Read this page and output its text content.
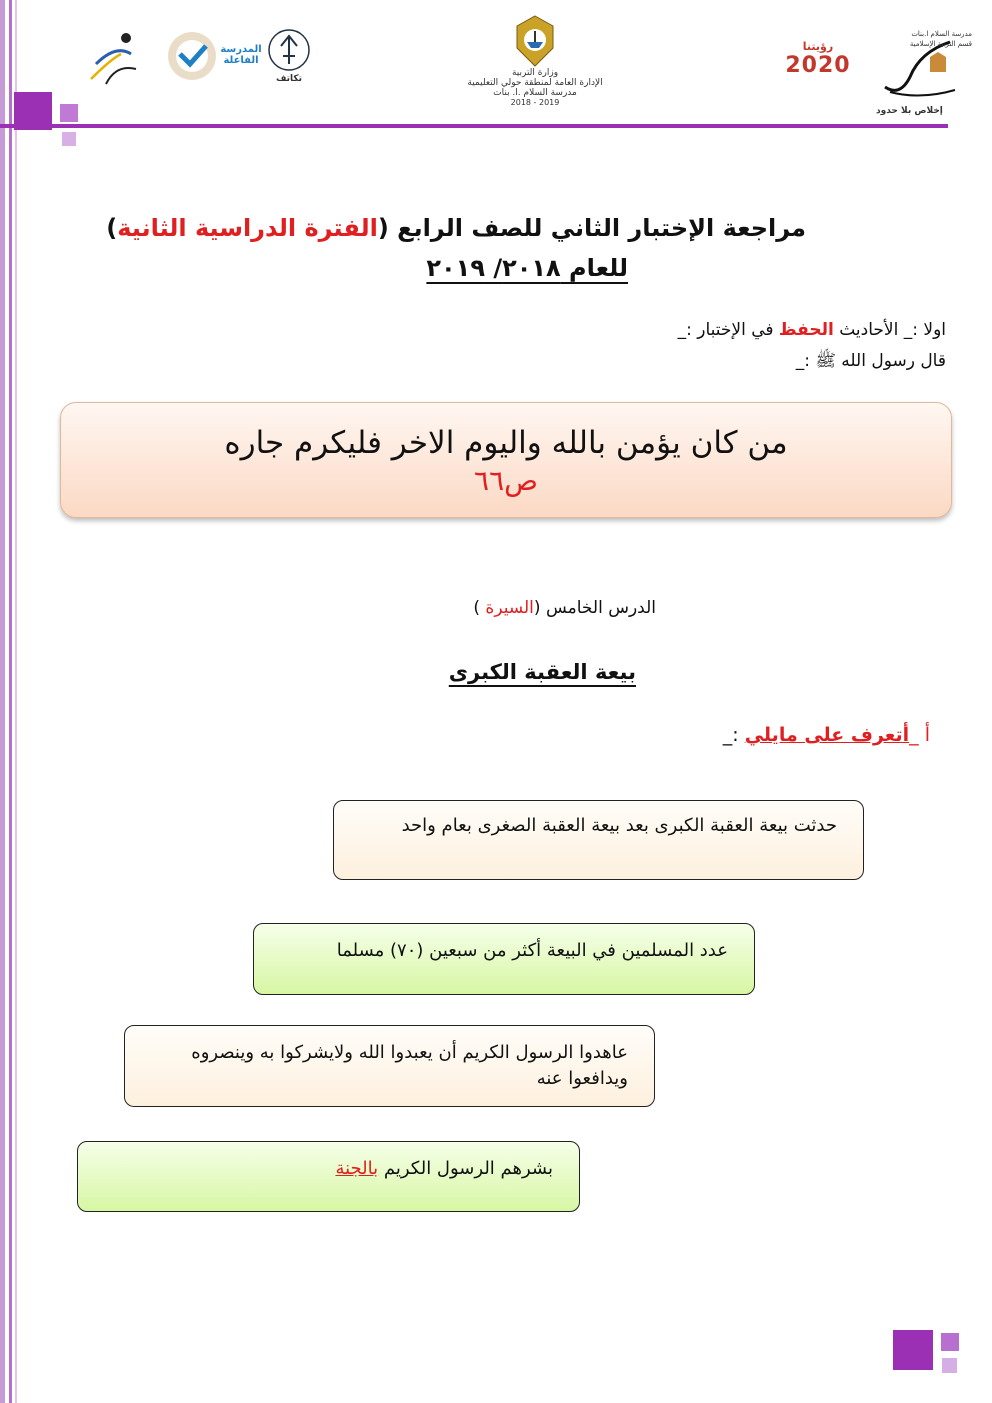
المدرسة الفاعلة
تكاتف
وزارة التربية
الإدارة العامة لمنطقة حولي التعليمية
مدرسة السلام .ا. بنات
2018 - 2019
رؤيتنا
2020
مدرسة السلام ا.بنات
قسم التربية الإسلامية
إخلاص بلا حدود
مراجعة الإختبار الثاني للصف الرابع (الفترة الدراسية الثانية)
للعام ٢٠١٨/ ٢٠١٩
اولا :_ الأحاديث الحفظ في الإختبار :_
قال رسول الله ﷺ :_
من كان يؤمن بالله واليوم الاخر فليكرم جاره
ص٦٦
الدرس الخامس (السيرة )
بيعة العقبة الكبرى
أ _أتعرف على مايلي :_
حدثت بيعة العقبة الكبرى بعد بيعة العقبة الصغرى بعام واحد
عدد المسلمين في البيعة أكثر من سبعين (٧٠) مسلما
عاهدوا الرسول الكريم أن يعبدوا الله ولايشركوا به وينصروه ويدافعوا عنه
بشرهم الرسول الكريم بالجنة
